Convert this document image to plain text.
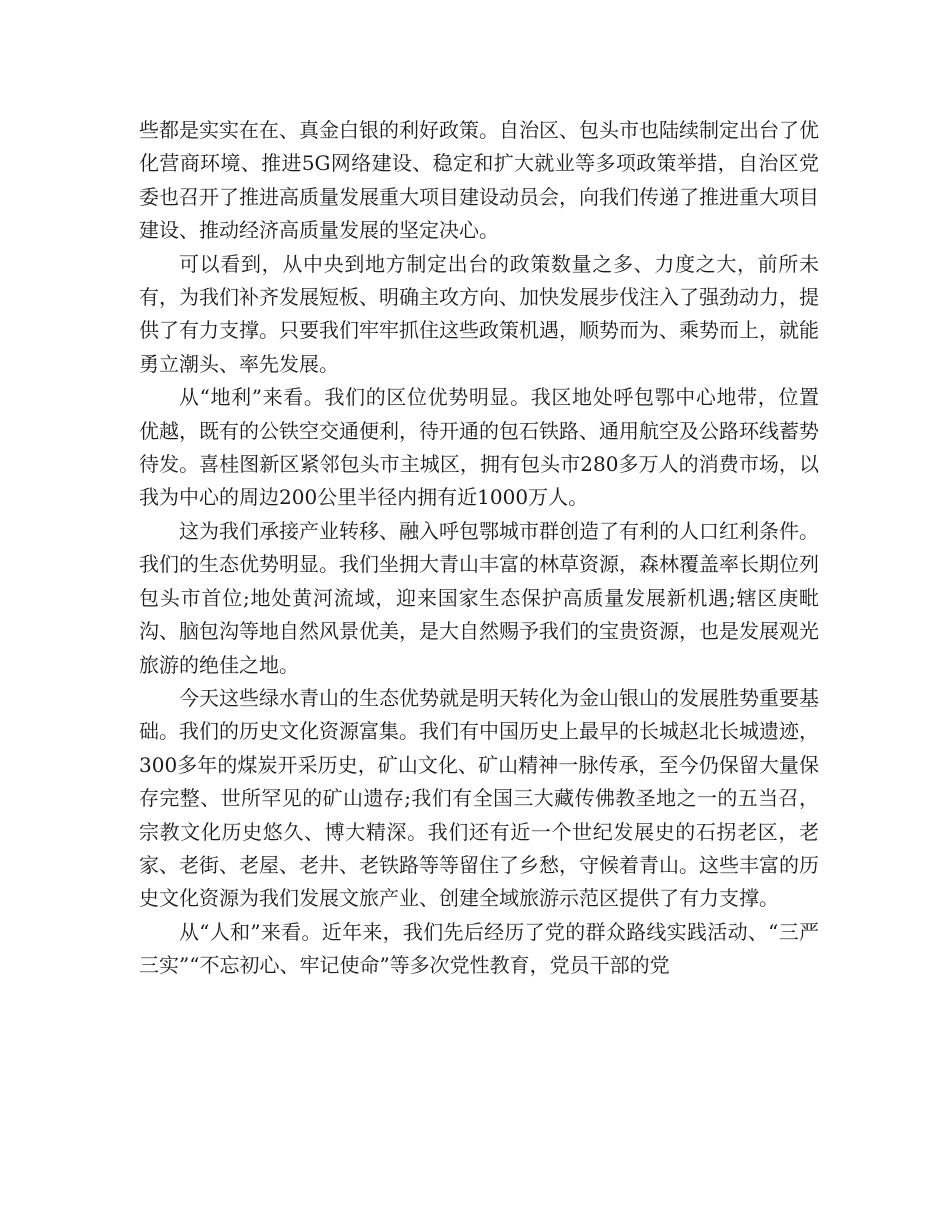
些都是实实在在、真金白银的利好政策。自治区、包头市也陆续制定出台了优化营商环境、推进5G网络建设、稳定和扩大就业等多项政策举措，自治区党委也召开了推进高质量发展重大项目建设动员会，向我们传递了推进重大项目建设、推动经济高质量发展的坚定决心。

可以看到，从中央到地方制定出台的政策数量之多、力度之大，前所未有，为我们补齐发展短板、明确主攻方向、加快发展步伐注入了强劲动力，提供了有力支撑。只要我们牢牢抓住这些政策机遇，顺势而为、乘势而上，就能勇立潮头、率先发展。

从“地利”来看。我们的区位优势明显。我区地处呼包鄂中心地带，位置优越，既有的公铁空交通便利，待开通的包石铁路、通用航空及公路环线蓄势待发。喜桂图新区紧邻包头市主城区，拥有包头市280多万人的消费市场，以我为中心的周边200公里半径内拥有近1000万人。

这为我们承接产业转移、融入呼包鄂城市群创造了有利的人口红利条件。我们的生态优势明显。我们坐拥大青山丰富的林草资源，森林覆盖率长期位列包头市首位;地处黄河流域，迎来国家生态保护高质量发展新机遇;辖区庚毗沟、脑包沟等地自然风景优美，是大自然赐予我们的宝贵资源，也是发展观光旅游的绝佳之地。

今天这些绿水青山的生态优势就是明天转化为金山银山的发展胜势重要基础。我们的历史文化资源富集。我们有中国历史上最早的长城赵北长城遗迹，300多年的煤炭开采历史，矿山文化、矿山精神一脉传承，至今仍保留大量保存完整、世所罕见的矿山遗存;我们有全国三大藏传佛教圣地之一的五当召，宗教文化历史悠久、博大精深。我们还有近一个世纪发展史的石拐老区，老家、老街、老屋、老井、老铁路等等留住了乡愁，守候着青山。这些丰富的历史文化资源为我们发展文旅产业、创建全域旅游示范区提供了有力支撑。

从“人和”来看。近年来，我们先后经历了党的群众路线实践活动、“三严三实”“不忘初心、牢记使命”等多次党性教育，党员干部的党
